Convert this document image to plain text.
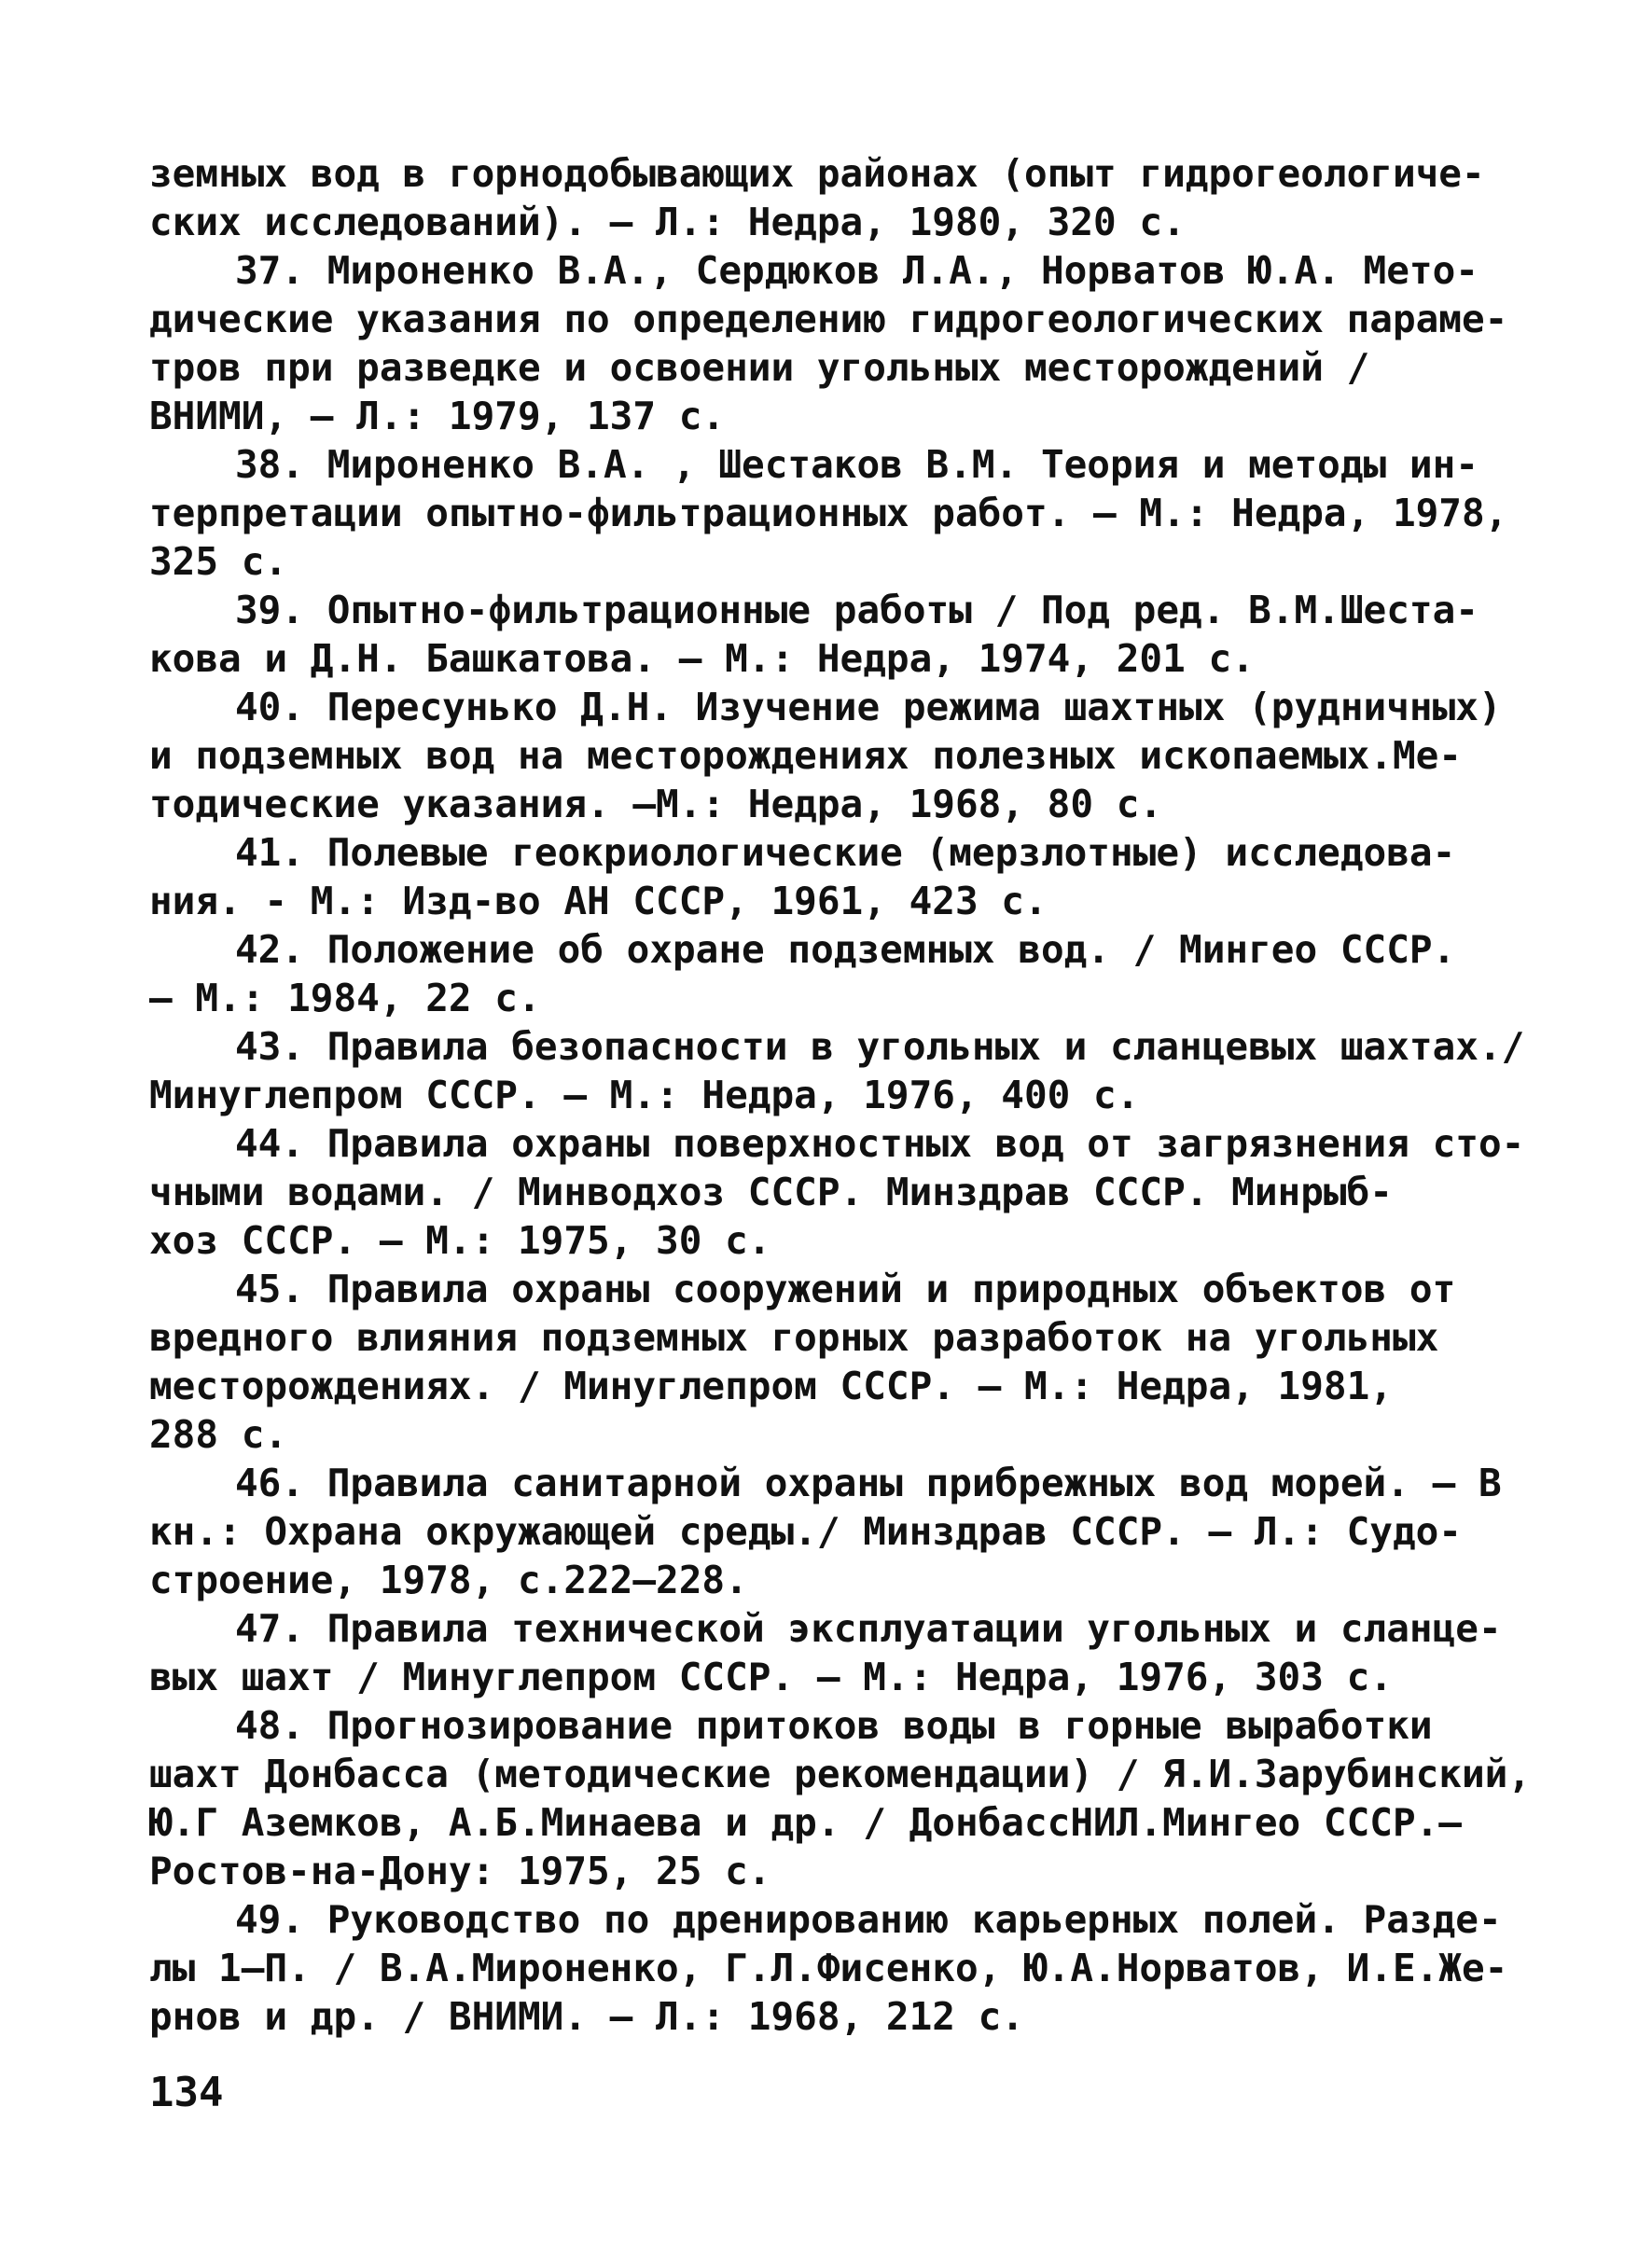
земных вод в горнодобывающих районах (опыт гидрогеологиче-
ских исследований). – Л.: Недра, 1980, 320 с.
37. Мироненко В.А., Сердюков Л.А., Норватов Ю.А. Мето-
дические указания по определению гидрогеологических параме-
тров при разведке и освоении угольных месторождений /
ВНИМИ, – Л.: 1979, 137 с.
38. Мироненко В.А. , Шестаков В.М. Теория и методы ин-
терпретации опытно-фильтрационных работ. – М.: Недра, 1978,
325 с.
39. Опытно-фильтрационные работы / Под ред. В.М.Шеста-
кова и Д.Н. Башкатова. – М.: Недра, 1974, 201 с.
40. Пересунько Д.Н. Изучение режима шахтных (рудничных)
и подземных вод на месторождениях полезных ископаемых.Ме-
тодические указания. –М.: Недра, 1968, 80 с.
41. Полевые геокриологические (мерзлотные) исследова-
ния. - М.: Изд-во АН СССР, 1961, 423 с.
42. Положение об охране подземных вод. / Мингео СССР.
– М.: 1984, 22 с.
43. Правила безопасности в угольных и сланцевых шахтах./
Минуглепром СССР. – М.: Недра, 1976, 400 с.
44. Правила охраны поверхностных вод от загрязнения сто-
чными водами. / Минводхоз СССР. Минздрав СССР. Минрыб-
хоз СССР. – М.: 1975, 30 с.
45. Правила охраны сооружений и природных объектов от
вредного влияния подземных горных разработок на угольных
месторождениях. / Минуглепром СССР. – М.: Недра, 1981,
288 с.
46. Правила санитарной охраны прибрежных вод морей. – В
кн.: Охрана окружающей среды./ Минздрав СССР. – Л.: Судо-
строение, 1978, с.222–228.
47. Правила технической эксплуатации угольных и сланце-
вых шахт / Минуглепром СССР. – М.: Недра, 1976, 303 с.
48. Прогнозирование притоков воды в горные выработки
шахт Донбасса (методические рекомендации) / Я.И.Зарубинский,
Ю.Г Аземков, А.Б.Минаева и др. / ДонбассНИЛ.Мингео СССР.–
Ростов-на-Дону: 1975, 25 с.
49. Руководство по дренированию карьерных полей. Разде-
лы 1–П. / В.А.Мироненко, Г.Л.Фисенко, Ю.А.Норватов, И.Е.Же-
рнов и др. / ВНИМИ. – Л.: 1968, 212 с.
134
